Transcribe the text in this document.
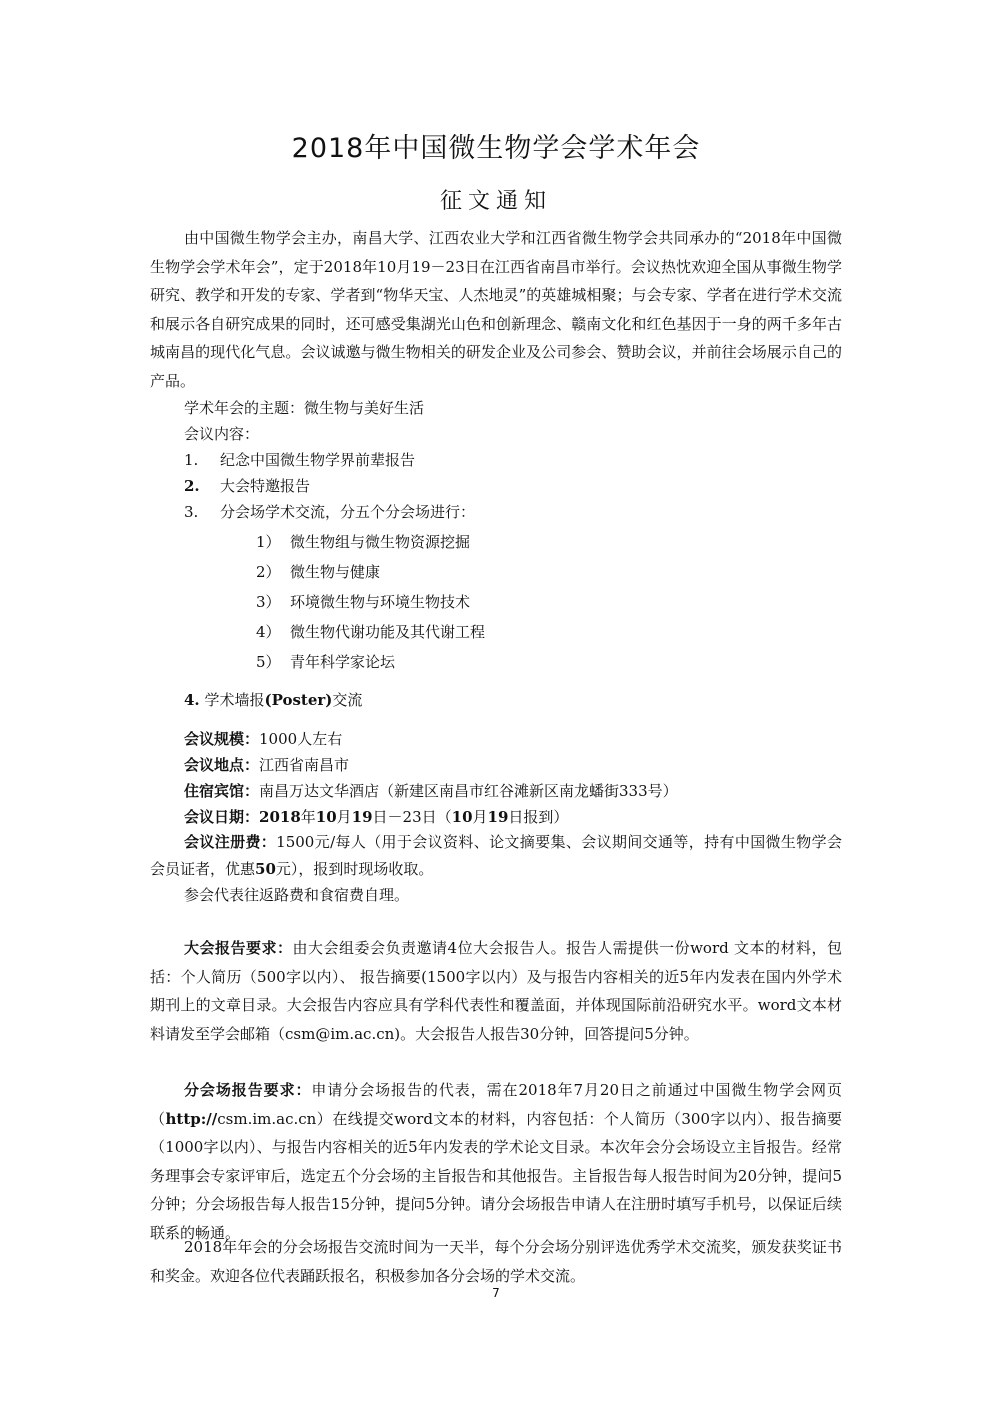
2018年中国微生物学会学术年会
征文通知

由中国微生物学会主办，南昌大学、江西农业大学和江西省微生物学会共同承办的“2018年中国微生物学会学术年会”，定于2018年10月19－23日在江西省南昌市举行。会议热忱欢迎全国从事微生物学研究、教学和开发的专家、学者到“物华天宝、人杰地灵”的英雄城相聚；与会专家、学者在进行学术交流和展示各自研究成果的同时，还可感受集湖光山色和创新理念、赣南文化和红色基因于一身的两千多年古城南昌的现代化气息。会议诚邀与微生物相关的研发企业及公司参会、赞助会议，并前往会场展示自己的产品。

学术年会的主题：微生物与美好生活
会议内容：
1. 纪念中国微生物学界前辈报告
2. 大会特邀报告
3. 分会场学术交流，分五个分会场进行：
1） 微生物组与微生物资源挖掘
2） 微生物与健康
3） 环境微生物与环境生物技术
4） 微生物代谢功能及其代谢工程
5） 青年科学家论坛
4. 学术墙报(Poster)交流
会议规模：1000人左右
会议地点：江西省南昌市
住宿宾馆：南昌万达文华酒店（新建区南昌市红谷滩新区南龙蟠街333号）
会议日期：2018年10月19日－23日（10月19日报到）

会议注册费：1500元/每人（用于会议资料、论文摘要集、会议期间交通等，持有中国微生物学会会员证者，优惠50元），报到时现场收取。

参会代表往返路费和食宿费自理。

大会报告要求：由大会组委会负责邀请4位大会报告人。报告人需提供一份word 文本的材料，包括：个人简历（500字以内）、 报告摘要(1500字以内）及与报告内容相关的近5年内发表在国内外学术期刊上的文章目录。大会报告内容应具有学科代表性和覆盖面，并体现国际前沿研究水平。word文本材料请发至学会邮箱（csm@im.ac.cn)。大会报告人报告30分钟，回答提问5分钟。

分会场报告要求：申请分会场报告的代表，需在2018年7月20日之前通过中国微生物学会网页（http://csm.im.ac.cn）在线提交word文本的材料，内容包括：个人简历（300字以内）、报告摘要（1000字以内）、与报告内容相关的近5年内发表的学术论文目录。本次年会分会场设立主旨报告。经常务理事会专家评审后，选定五个分会场的主旨报告和其他报告。主旨报告每人报告时间为20分钟，提问5分钟；分会场报告每人报告15分钟，提问5分钟。请分会场报告申请人在注册时填写手机号，以保证后续联系的畅通。

2018年年会的分会场报告交流时间为一天半，每个分会场分别评选优秀学术交流奖，颁发获奖证书和奖金。欢迎各位代表踊跃报名，积极参加各分会场的学术交流。

7
